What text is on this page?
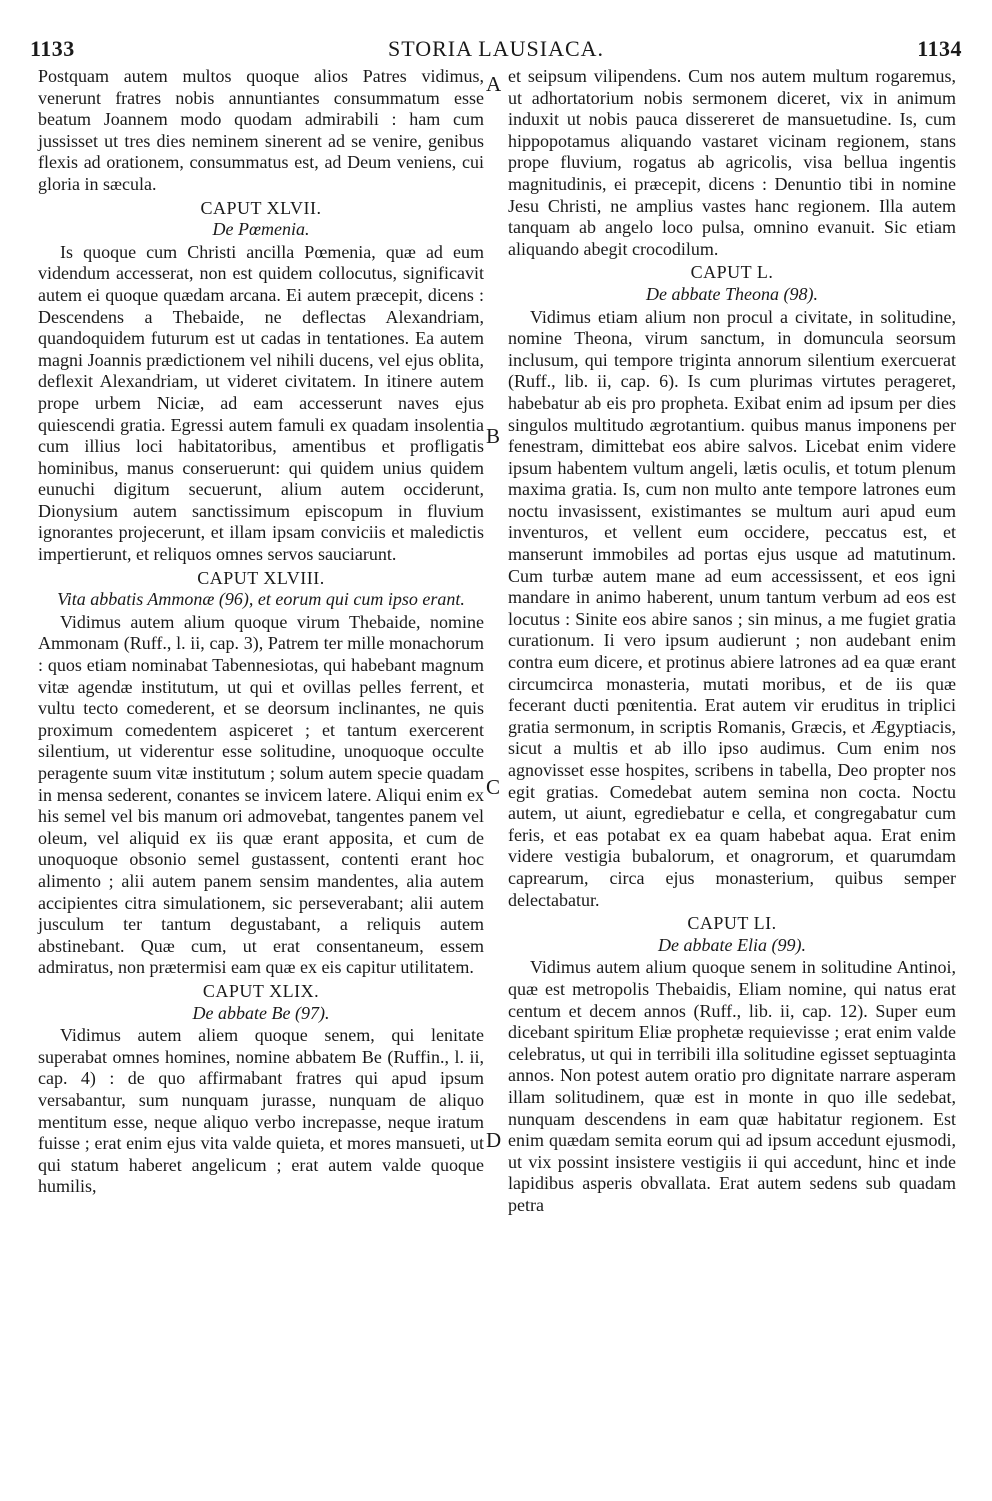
1133	STORIA LAUSIACA.	1134
A
B
C
D

Postquam autem multos quoque alios Patres vidimus, venerunt fratres nobis annuntiantes consummatum esse beatum Joannem modo quodam admirabili : ham cum jussisset ut tres dies neminem sinerent ad se venire, genibus flexis ad orationem, consummatus est, ad Deum veniens, cui gloria in sæcula.

CAPUT XLVII.
De Pœmenia.

Is quoque cum Christi ancilla Pœmenia, quæ ad eum videndum accesserat, non est quidem collocutus, significavit autem ei quoque quædam arcana. Ei autem præcepit, dicens : Descendens a Thebaide, ne deflectas Alexandriam, quandoquidem futurum est ut cadas in tentationes. Ea autem magni Joannis prædictionem vel nihili ducens, vel ejus oblita, deflexit Alexandriam, ut videret civitatem. In itinere autem prope urbem Niciæ, ad eam accesserunt naves ejus quiescendi gratia. Egressi autem famuli ex quadam insolentia cum illius loci habitatoribus, amentibus et profligatis hominibus, manus conseruerunt: qui quidem unius quidem eunuchi digitum secuerunt, alium autem occiderunt, Dionysium autem sanctissimum episcopum in fluvium ignorantes projecerunt, et illam ipsam conviciis et maledictis impertierunt, et reliquos omnes servos sauciarunt.

CAPUT XLVIII.
Vita abbatis Ammonæ (96), et eorum qui cum ipso erant.

Vidimus autem alium quoque virum Thebaide, nomine Ammonam (Ruff., l. ii, cap. 3), Patrem ter mille monachorum : quos etiam nominabat Tabennesiotas, qui habebant magnum vitæ agendæ institutum, ut qui et ovillas pelles ferrent, et vultu tecto comederent, et se deorsum inclinantes, ne quis proximum comedentem aspiceret ; et tantum exercerent silentium, ut viderentur esse solitudine, unoquoque occulte peragente suum vitæ institutum ; solum autem specie quadam in mensa sederent, conantes se invicem latere. Aliqui enim ex his semel vel bis manum ori admovebat, tangentes panem vel oleum, vel aliquid ex iis quæ erant apposita, et cum de unoquoque obsonio semel gustassent, contenti erant hoc alimento ; alii autem panem sensim mandentes, alia autem accipientes citra simulationem, sic perseverabant; alii autem jusculum ter tantum degustabant, a reliquis autem abstinebant. Quæ cum, ut erat consentaneum, essem admiratus, non prætermisi eam quæ ex eis capitur utilitatem.

CAPUT XLIX.
De abbate Be (97).

Vidimus autem aliem quoque senem, qui lenitate superabat omnes homines, nomine abbatem Be (Ruffin., l. ii, cap. 4) : de quo affirmabant fratres qui apud ipsum versabantur, sum nunquam jurasse, nunquam de aliquo mentitum esse, neque aliquo verbo increpasse, neque iratum fuisse ; erat enim ejus vita valde quieta, et mores mansueti, ut qui statum haberet angelicum ; erat autem valde quoque humilis,

et seipsum vilipendens. Cum nos autem multum rogaremus, ut adhortatorium nobis sermonem diceret, vix in animum induxit ut nobis pauca dissereret de mansuetudine. Is, cum hippopotamus aliquando vastaret vicinam regionem, stans prope fluvium, rogatus ab agricolis, visa bellua ingentis magnitudinis, ei præcepit, dicens : Denuntio tibi in nomine Jesu Christi, ne amplius vastes hanc regionem. Illa autem tanquam ab angelo loco pulsa, omnino evanuit. Sic etiam aliquando abegit crocodilum.

CAPUT L.
De abbate Theona (98).

Vidimus etiam alium non procul a civitate, in solitudine, nomine Theona, virum sanctum, in domuncula seorsum inclusum, qui tempore triginta annorum silentium exercuerat (Ruff., lib. ii, cap. 6). Is cum plurimas virtutes perageret, habebatur ab eis pro propheta. Exibat enim ad ipsum per dies singulos multitudo ægrotantium. quibus manus imponens per fenestram, dimittebat eos abire salvos. Licebat enim videre ipsum habentem vultum angeli, lætis oculis, et totum plenum maxima gratia. Is, cum non multo ante tempore latrones eum noctu invasissent, existimantes se multum auri apud eum inventuros, et vellent eum occidere, peccatus est, et manserunt immobiles ad portas ejus usque ad matutinum. Cum turbæ autem mane ad eum accessissent, et eos igni mandare in animo haberent, unum tantum verbum ad eos est locutus : Sinite eos abire sanos ; sin minus, a me fugiet gratia curationum. Ii vero ipsum audierunt ; non audebant enim contra eum dicere, et protinus abiere latrones ad ea quæ erant circumcirca monasteria, mutati moribus, et de iis quæ fecerant ducti pœnitentia. Erat autem vir eruditus in triplici gratia sermonum, in scriptis Romanis, Græcis, et Ægyptiacis, sicut a multis et ab illo ipso audimus. Cum enim nos agnovisset esse hospites, scribens in tabella, Deo propter nos egit gratias. Comedebat autem semina non cocta. Noctu autem, ut aiunt, egrediebatur e cella, et congregabatur cum feris, et eas potabat ex ea quam habebat aqua. Erat enim videre vestigia bubalorum, et onagrorum, et quarumdam caprearum, circa ejus monasterium, quibus semper delectabatur.

CAPUT LI.
De abbate Elia (99).

Vidimus autem alium quoque senem in solitudine Antinoi, quæ est metropolis Thebaidis, Eliam nomine, qui natus erat centum et decem annos (Ruff., lib. ii, cap. 12). Super eum dicebant spiritum Eliæ prophetæ requievisse ; erat enim valde celebratus, ut qui in terribili illa solitudine egisset septuaginta annos. Non potest autem oratio pro dignitate narrare asperam illam solitudinem, quæ est in monte in quo ille sedebat, nunquam descendens in eam quæ habitatur regionem. Est enim quædam semita eorum qui ad ipsum accedunt ejusmodi, ut vix possint insistere vestigiis ii qui accedunt, hinc et inde lapidibus asperis obvallata. Erat autem sedens sub quadam petra
